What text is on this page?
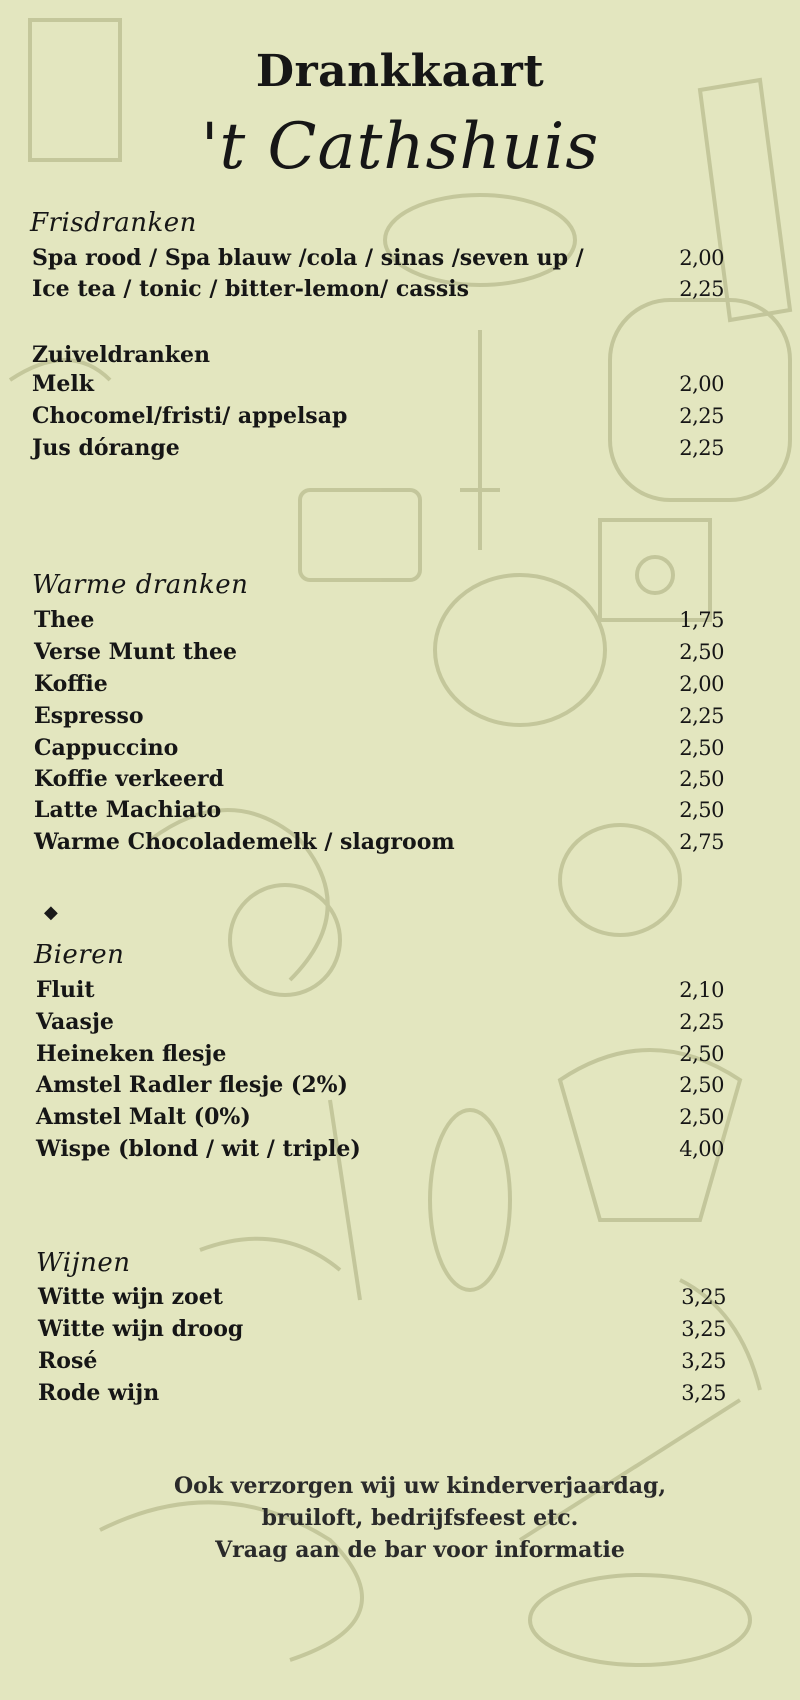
Drankkaart
't Cathshuis
Frisdranken
Spa rood / Spa blauw /cola / sinas /seven up /	2,00
Ice tea / tonic / bitter-lemon/ cassis	2,25
Zuiveldranken
Melk	2,00
Chocomel/fristi/ appelsap	2,25
Jus dórange	2,25
Warme dranken
Thee	1,75
Verse Munt thee	2,50
Koffie	2,00
Espresso	2,25
Cappuccino	2,50
Koffie verkeerd	2,50
Latte Machiato	2,50
Warme Chocolademelk / slagroom	2,75
◆
Bieren
Fluit	2,10
Vaasje	2,25
Heineken flesje	2,50
Amstel Radler flesje (2%)	2,50
Amstel Malt (0%)	2,50
Wispe (blond / wit / triple)	4,00
Wijnen
Witte wijn zoet	3,25
Witte wijn droog	3,25
Rosé	3,25
Rode wijn	3,25
Ook verzorgen wij uw kinderverjaardag,
bruiloft, bedrijfsfeest etc.
Vraag aan de bar voor informatie
